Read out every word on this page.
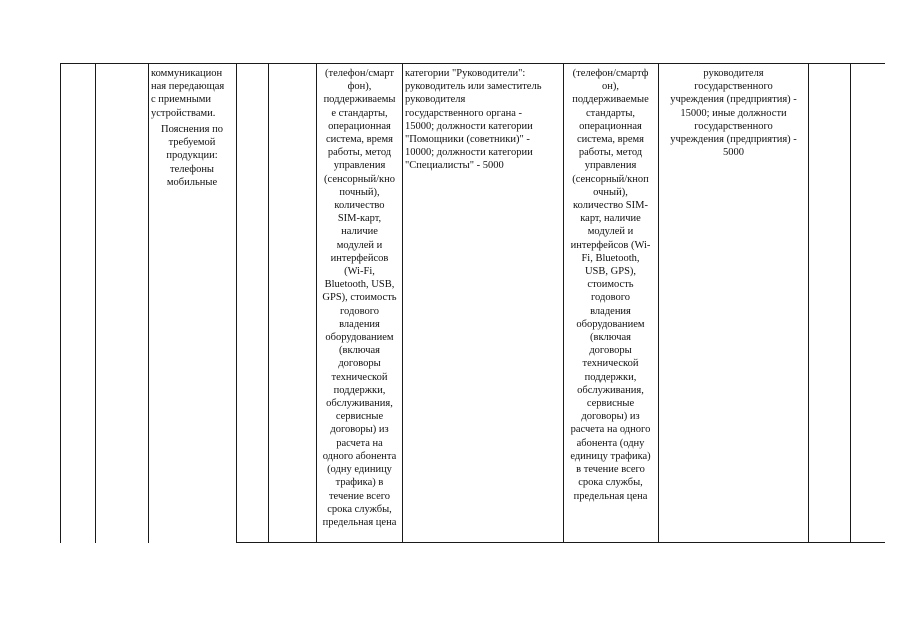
коммуникацион
ная передающая
с приемными
устройствами.
Пояснения по
требуемой
продукции:
телефоны
мобильные
(телефон/смарт
фон),
поддерживаемы
е стандарты,
операционная
система, время
работы, метод
управления
(сенсорный/кно
почный),
количество
SIM-карт,
наличие
модулей и
интерфейсов
(Wi-Fi,
Bluetooth, USB,
GPS), стоимость
годового
владения
оборудованием
(включая
договоры
технической
поддержки,
обслуживания,
сервисные
договоры) из
расчета на
одного абонента
(одну единицу
трафика) в
течение всего
срока службы,
предельная цена
категории "Руководители":
руководитель или заместитель
руководителя
государственного органа -
15000; должности категории
"Помощники (советники)" -
10000; должности категории
"Специалисты" - 5000
(телефон/смартф
он),
поддерживаемые
стандарты,
операционная
система, время
работы, метод
управления
(сенсорный/кноп
очный),
количество SIM-
карт, наличие
модулей и
интерфейсов (Wi-
Fi, Bluetooth,
USB, GPS),
стоимость
годового
владения
оборудованием
(включая
договоры
технической
поддержки,
обслуживания,
сервисные
договоры) из
расчета на одного
абонента (одну
единицу трафика)
в течение всего
срока службы,
предельная цена
руководителя
государственного
учреждения (предприятия) -
15000; иные должности
государственного
учреждения (предприятия) -
5000
